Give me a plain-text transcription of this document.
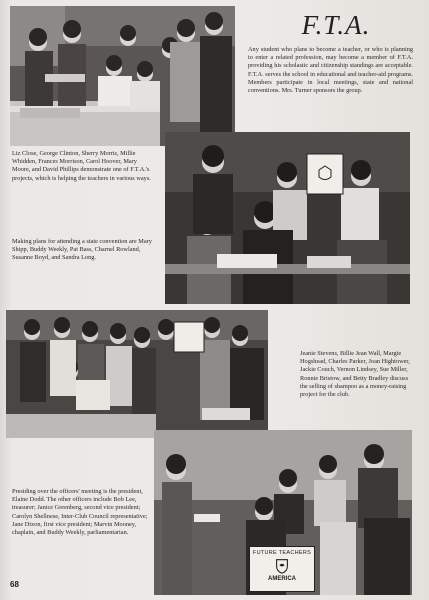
F.T.A.
Any student who plans to become a teacher, or who is planning to enter a related profession, may become a member of F.T.A. providing his scholastic and citizenship standings are acceptable. F.T.A. serves the school in educational and teacher-aid programs. Members participate in local meetings, state and national conventions. Mrs. Turner sponsors the group.
Liz Close, George Clinton, Sherry Morris, Millie Whidden, Frances Morrison, Carol Hoover, Mary Moore, and David Phillips demonstrate one of F.T.A.'s projects, which is helping the teachers in various ways.
Making plans for attending a state convention are Mary Shipp, Buddy Weekly, Pat Bass, Charnel Rowland, Susanne Boyd, and Sandra Long.
Jeanie Stevens, Billie Jean Wall, Margie Hogshead, Charles Parker, Joan Hightower, Jackie Couch, Vernon Lindsey, Sue Miller, Ronnie Bristow, and Betty Bradley discuss the selling of shampoo as a money-raising project for the club.
FUTURE TEACHERS
AMERICA
Presiding over the officers' meeting is the president, Elaine Dodd. The other officers include Bob Lee, treasurer; Janice Greenberg, second vice president; Carolyn Shellnese, Inter-Club Council representative; Jane Dixon, first vice president; Marvin Mooney, chaplain, and Buddy Weekly, parliamentarian.
68
